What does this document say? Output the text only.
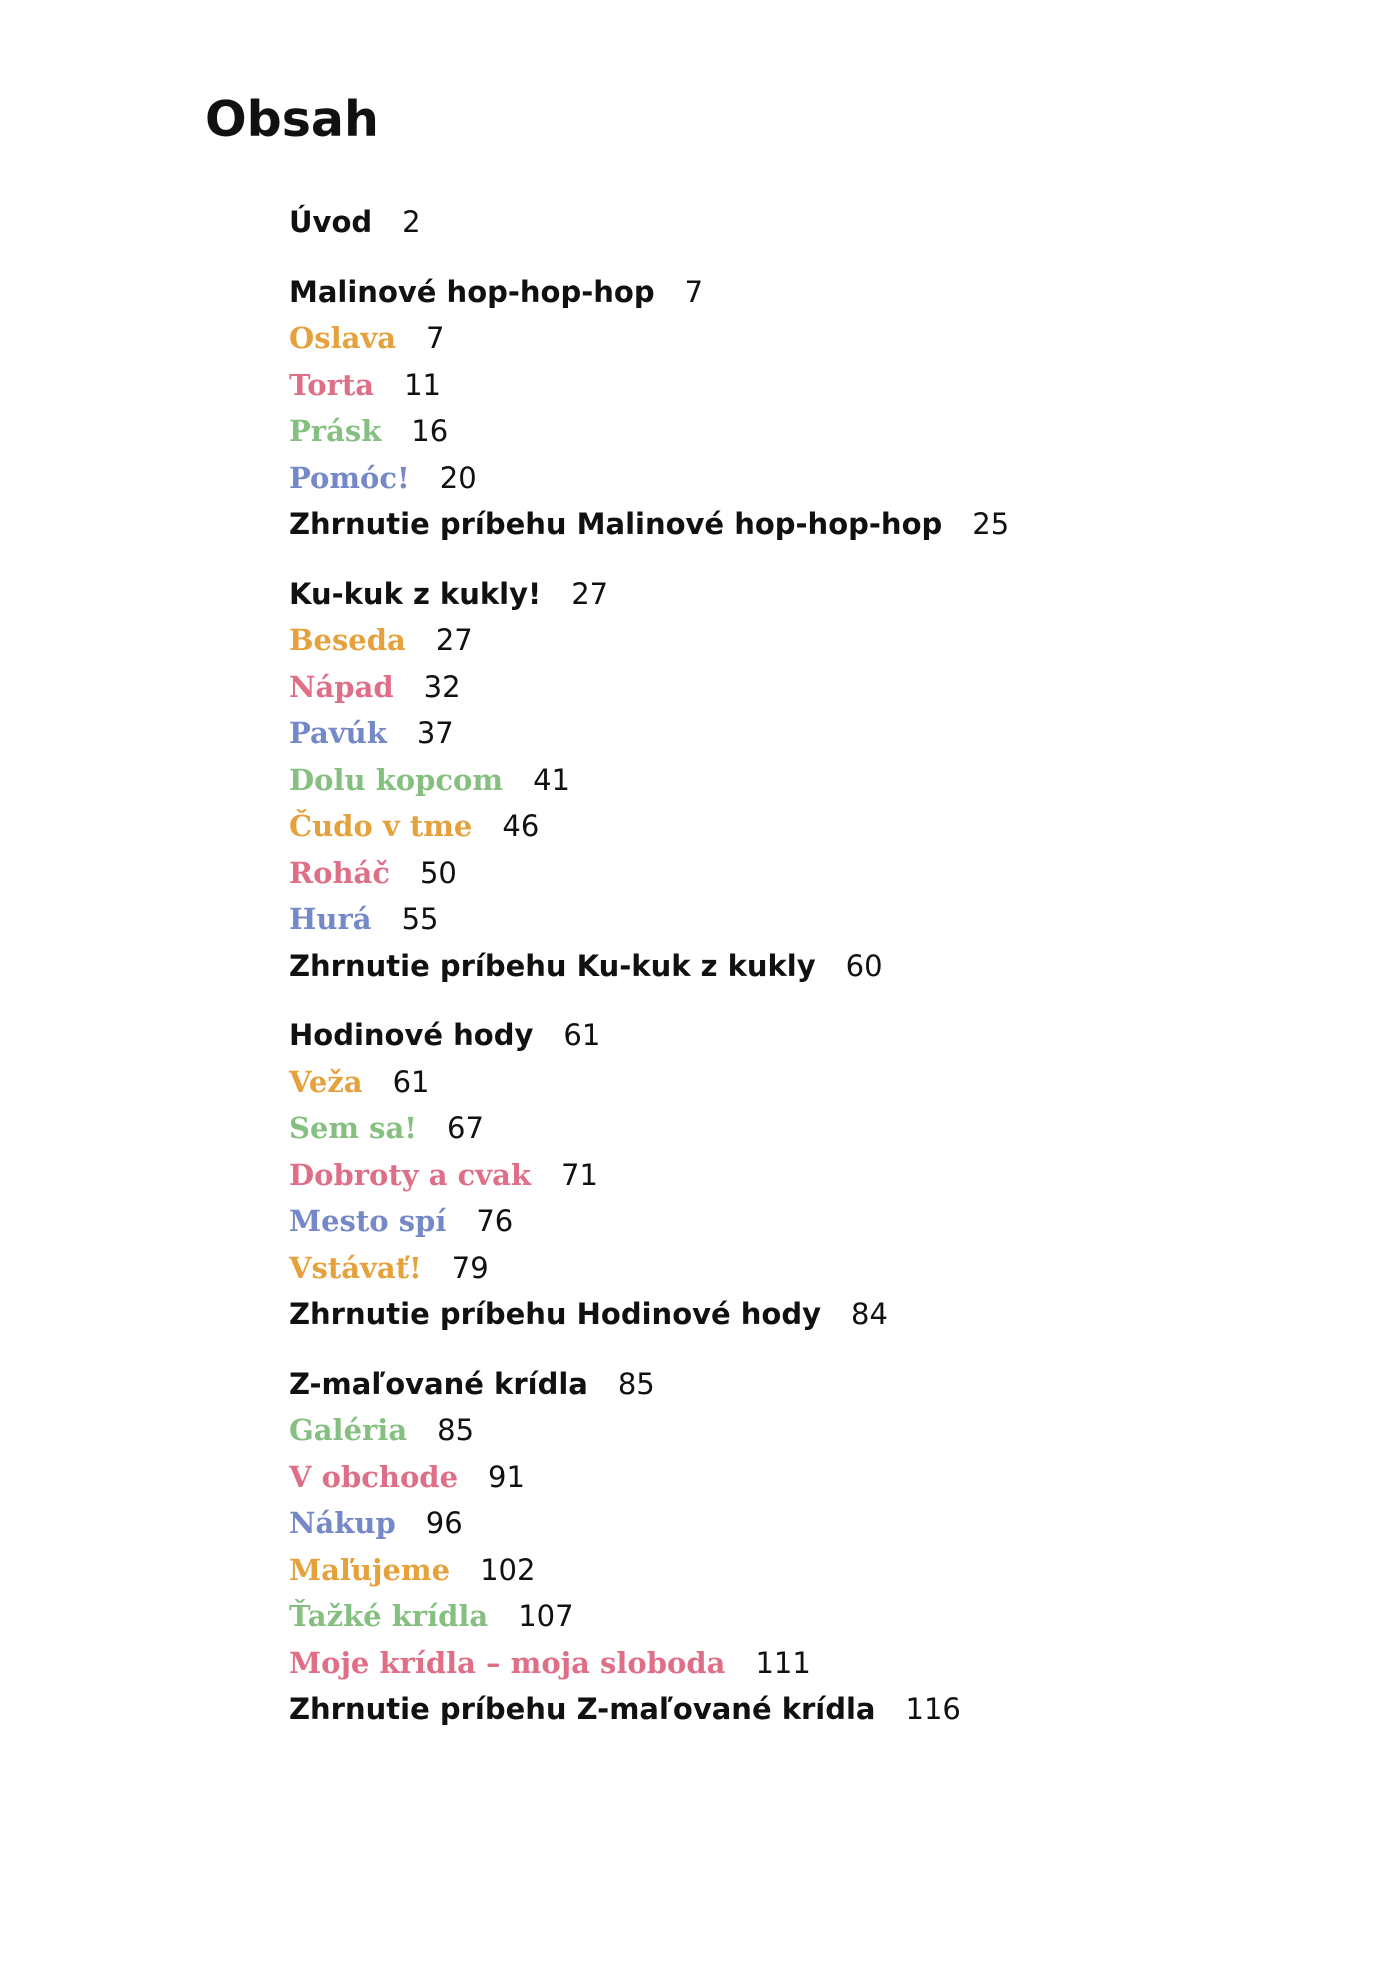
Obsah
Úvod 2
Malinové hop-hop-hop 7
Oslava 7
Torta 11
Prásk 16
Pomóc! 20
Zhrnutie príbehu Malinové hop-hop-hop 25
Ku-kuk z kukly! 27
Beseda 27
Nápad 32
Pavúk 37
Dolu kopcom 41
Čudo v tme 46
Roháč 50
Hurá 55
Zhrnutie príbehu Ku-kuk z kukly 60
Hodinové hody 61
Veža 61
Sem sa! 67
Dobroty a cvak 71
Mesto spí 76
Vstávať! 79
Zhrnutie príbehu Hodinové hody 84
Z-maľované krídla 85
Galéria 85
V obchode 91
Nákup 96
Maľujeme 102
Ťažké krídla 107
Moje krídla – moja sloboda 111
Zhrnutie príbehu Z-maľované krídla 116
